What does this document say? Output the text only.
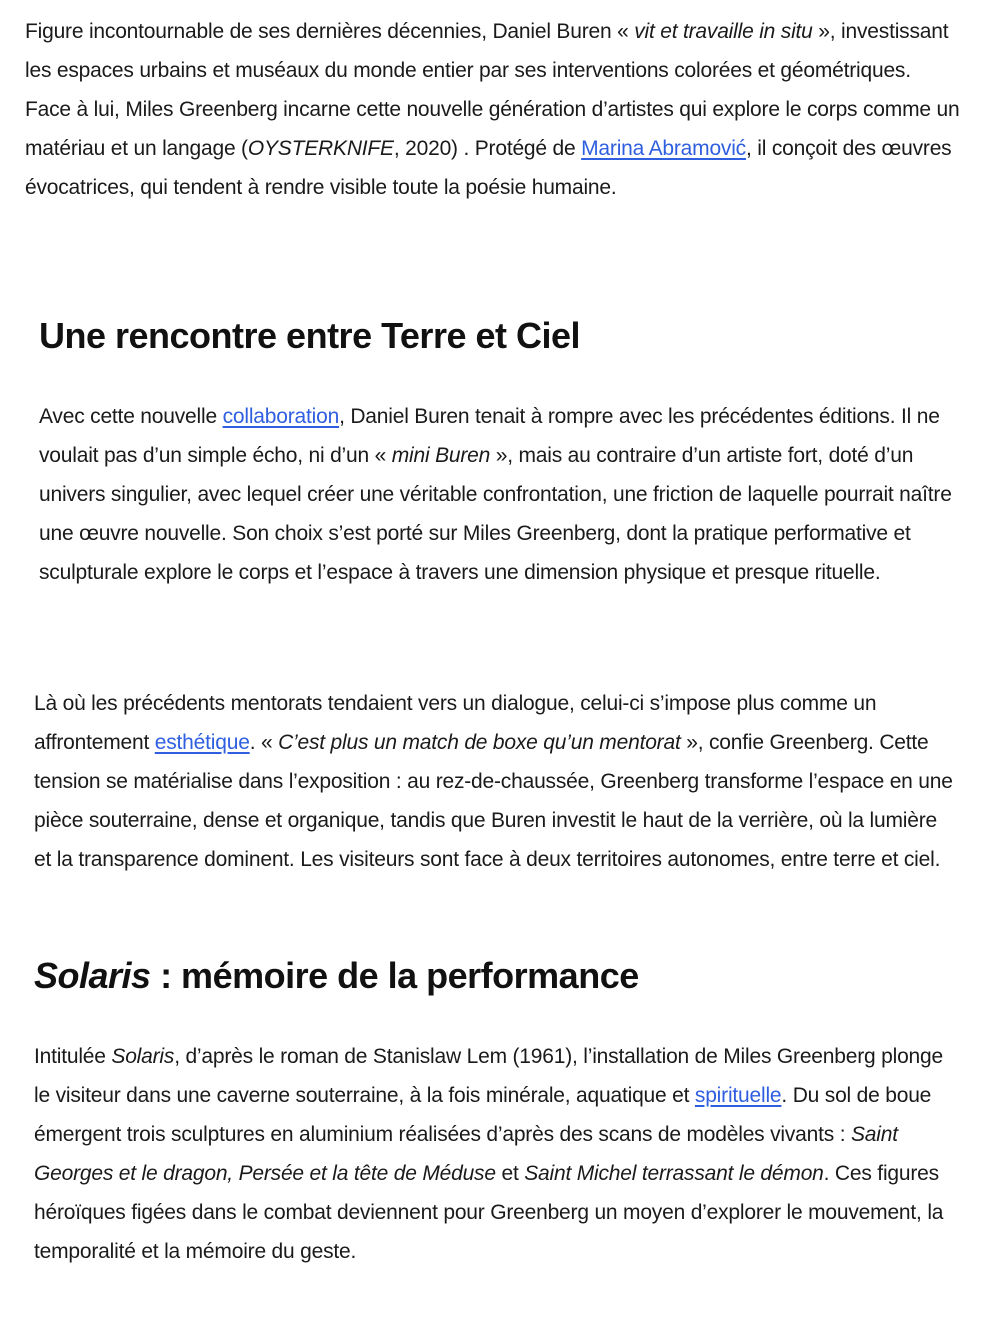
Figure incontournable de ses dernières décennies, Daniel Buren « vit et travaille in situ », investissant les espaces urbains et muséaux du monde entier par ses interventions colorées et géométriques. Face à lui, Miles Greenberg incarne cette nouvelle génération d’artistes qui explore le corps comme un matériau et un langage (OYSTERKNIFE, 2020) . Protégé de Marina Abramović, il conçoit des œuvres évocatrices, qui tendent à rendre visible toute la poésie humaine.

Une rencontre entre Terre et Ciel

Avec cette nouvelle collaboration, Daniel Buren tenait à rompre avec les précédentes éditions. Il ne voulait pas d’un simple écho, ni d’un « mini Buren », mais au contraire d’un artiste fort, doté d’un univers singulier, avec lequel créer une véritable confrontation, une friction de laquelle pourrait naître une œuvre nouvelle. Son choix s’est porté sur Miles Greenberg, dont la pratique performative et sculpturale explore le corps et l’espace à travers une dimension physique et presque rituelle.

Là où les précédents mentorats tendaient vers un dialogue, celui-ci s’impose plus comme un affrontement esthétique. « C’est plus un match de boxe qu’un mentorat », confie Greenberg. Cette tension se matérialise dans l’exposition : au rez-de-chaussée, Greenberg transforme l’espace en une pièce souterraine, dense et organique, tandis que Buren investit le haut de la verrière, où la lumière et la transparence dominent. Les visiteurs sont face à deux territoires autonomes, entre terre et ciel.

Solaris : mémoire de la performance

Intitulée Solaris, d’après le roman de Stanislaw Lem (1961), l’installation de Miles Greenberg plonge le visiteur dans une caverne souterraine, à la fois minérale, aquatique et spirituelle. Du sol de boue émergent trois sculptures en aluminium réalisées d’après des scans de modèles vivants : Saint Georges et le dragon, Persée et la tête de Méduse et Saint Michel terrassant le démon. Ces figures héroïques figées dans le combat deviennent pour Greenberg un moyen d’explorer le mouvement, la temporalité et la mémoire du geste.
